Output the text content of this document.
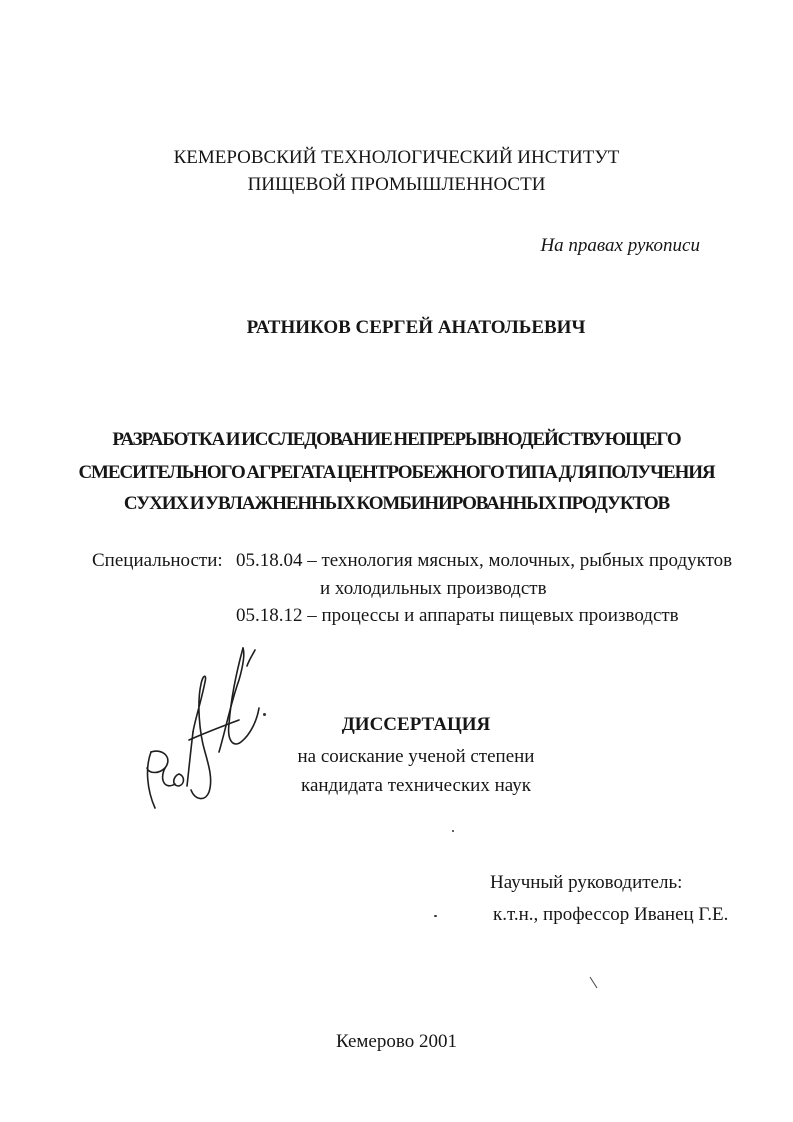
КЕМЕРОВСКИЙ ТЕХНОЛОГИЧЕСКИЙ ИНСТИТУТ
ПИЩЕВОЙ ПРОМЫШЛЕННОСТИ
На правах рукописи
РАТНИКОВ СЕРГЕЙ АНАТОЛЬЕВИЧ
РАЗРАБОТКА И ИССЛЕДОВАНИЕ НЕПРЕРЫВНОДЕЙСТВУЮЩЕГО
СМЕСИТЕЛЬНОГО АГРЕГАТА ЦЕНТРОБЕЖНОГО ТИПА ДЛЯ ПОЛУЧЕНИЯ
СУХИХ И УВЛАЖНЕННЫХ КОМБИНИРОВАННЫХ ПРОДУКТОВ
Специальности: 05.18.04 – технология мясных, молочных, рыбных продуктов
и холодильных производств
05.18.12 – процессы и аппараты пищевых производств
ДИССЕРТАЦИЯ
на соискание ученой степени
кандидата технических наук
Научный руководитель:
к.т.н., профессор Иванец Г.Е.
Кемерово 2001
